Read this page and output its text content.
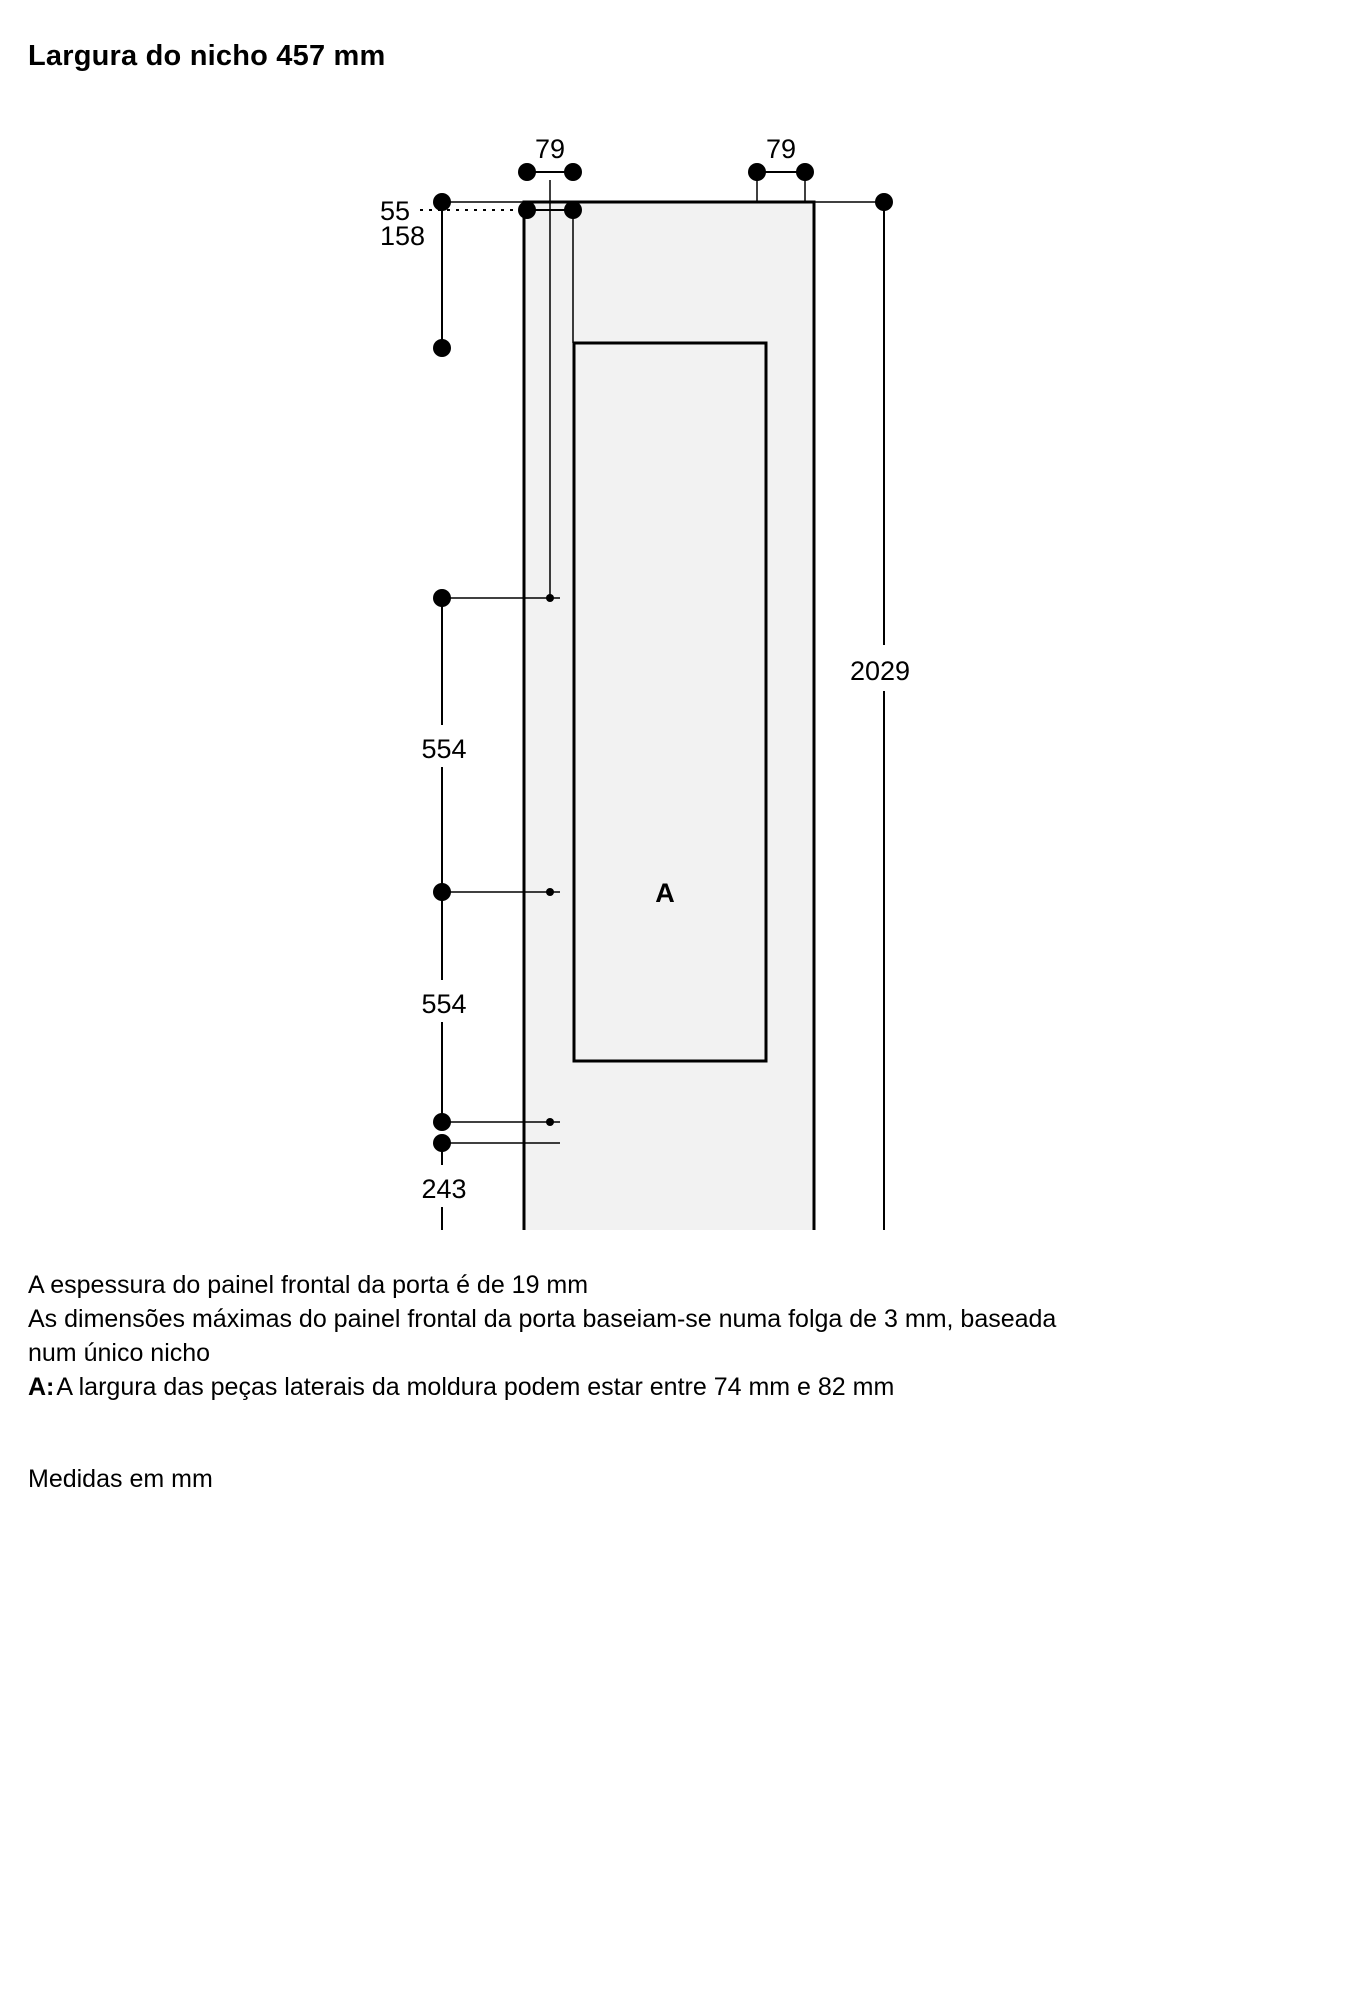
Largura do nicho 457 mm
79	79
55
158
554
554
243
2029
A
A espessura do painel frontal da porta é de 19 mm
As dimensões máximas do painel frontal da porta baseiam-se numa folga de 3 mm, baseada num único nicho
A: A largura das peças laterais da moldura podem estar entre 74 mm e 82 mm
Medidas em mm
